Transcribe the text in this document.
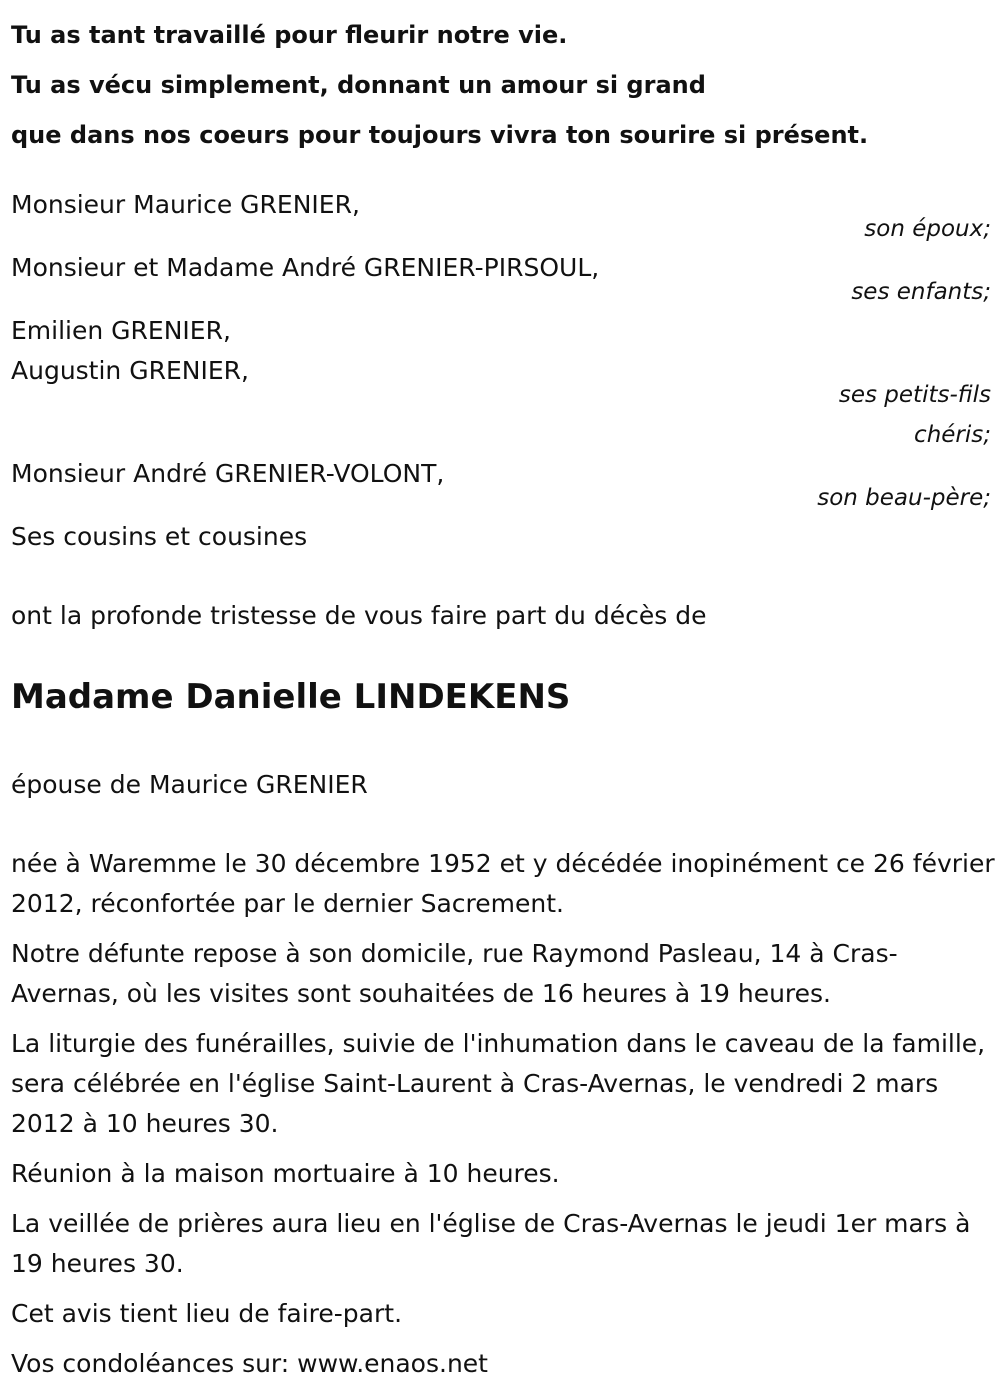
Tu as tant travaillé pour fleurir notre vie.
Tu as vécu simplement, donnant un amour si grand
que dans nos coeurs pour toujours vivra ton sourire si présent.
Monsieur Maurice GRENIER,
son époux;
Monsieur et Madame André GRENIER-PIRSOUL,
ses enfants;
Emilien GRENIER,
Augustin GRENIER,
ses petits-fils
chéris;
Monsieur André GRENIER-VOLONT,
son beau-père;
Ses cousins et cousines
ont la profonde tristesse de vous faire part du décès de
Madame Danielle LINDEKENS
épouse de Maurice GRENIER

née à Waremme le 30 décembre 1952 et y décédée inopinément ce 26 février 2012, réconfortée par le dernier Sacrement.

Notre défunte repose à son domicile, rue Raymond Pasleau, 14 à Cras-Avernas, où les visites sont souhaitées de 16 heures à 19 heures.

La liturgie des funérailles, suivie de l'inhumation dans le caveau de la famille, sera célébrée en l'église Saint-Laurent à Cras-Avernas, le vendredi 2 mars 2012 à 10 heures 30.

Réunion à la maison mortuaire à 10 heures.

La veillée de prières aura lieu en l'église de Cras-Avernas le jeudi 1er mars à 19 heures 30.

Cet avis tient lieu de faire-part.

Vos condoléances sur: www.enaos.net
